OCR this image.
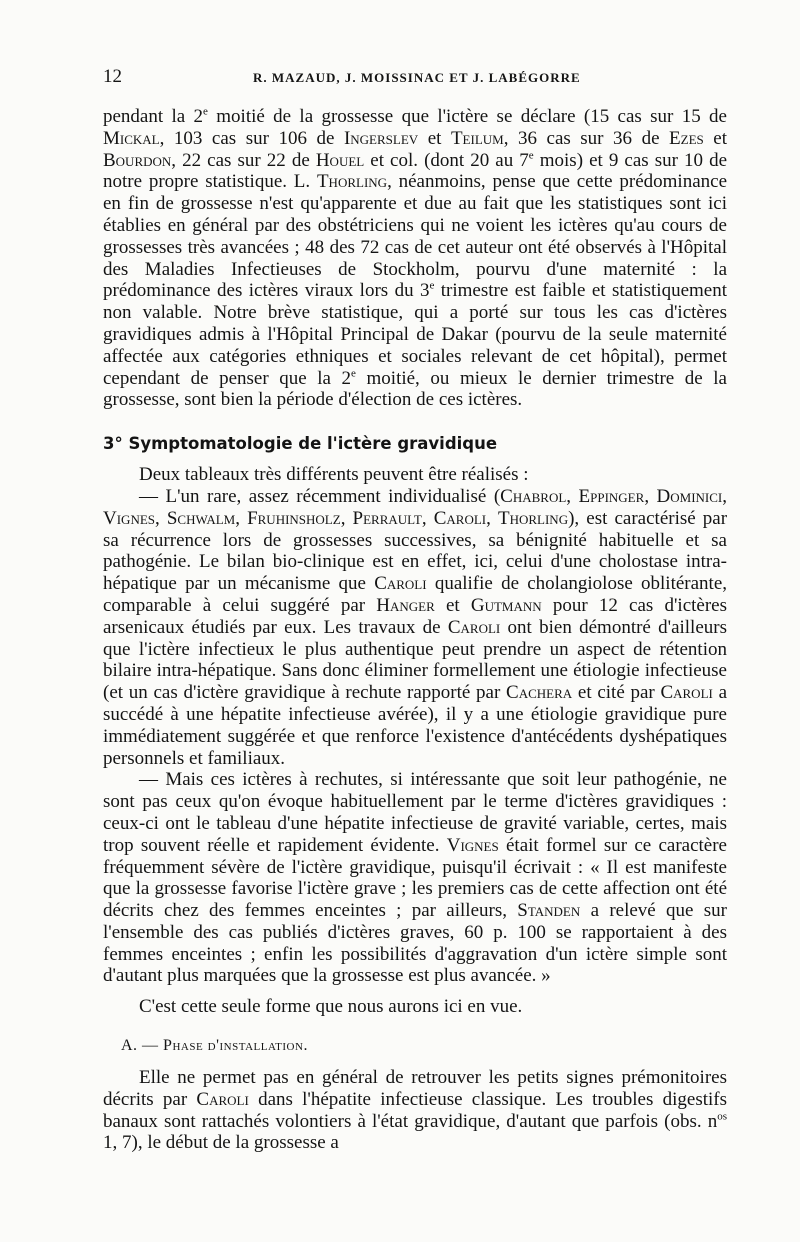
12	R. MAZAUD, J. MOISSINAC ET J. LABÉGORRE

pendant la 2e moitié de la grossesse que l'ictère se déclare (15 cas sur 15 de Mickal, 103 cas sur 106 de Ingerslev et Teilum, 36 cas sur 36 de Ezes et Bourdon, 22 cas sur 22 de Houel et col. (dont 20 au 7e mois) et 9 cas sur 10 de notre propre statistique. L. Thorling, néanmoins, pense que cette prédominance en fin de grossesse n'est qu'apparente et due au fait que les statistiques sont ici établies en général par des obstétriciens qui ne voient les ictères qu'au cours de grossesses très avancées ; 48 des 72 cas de cet auteur ont été observés à l'Hôpital des Maladies Infectieuses de Stockholm, pourvu d'une maternité : la prédominance des ictères viraux lors du 3e trimestre est faible et statistiquement non valable. Notre brève statistique, qui a porté sur tous les cas d'ictères gravidiques admis à l'Hôpital Principal de Dakar (pourvu de la seule maternité affectée aux catégories ethniques et sociales relevant de cet hôpital), permet cependant de penser que la 2e moitié, ou mieux le dernier trimestre de la grossesse, sont bien la période d'élection de ces ictères.

3° Symptomatologie de l'ictère gravidique

Deux tableaux très différents peuvent être réalisés :

— L'un rare, assez récemment individualisé (Chabrol, Eppinger, Dominici, Vignes, Schwalm, Fruhinsholz, Perrault, Caroli, Thorling), est caractérisé par sa récurrence lors de grossesses successives, sa bénignité habituelle et sa pathogénie. Le bilan bio-clinique est en effet, ici, celui d'une cholostase intra-hépatique par un mécanisme que Caroli qualifie de cholangiolose oblitérante, comparable à celui suggéré par Hanger et Gutmann pour 12 cas d'ictères arsenicaux étudiés par eux. Les travaux de Caroli ont bien démontré d'ailleurs que l'ictère infectieux le plus authentique peut prendre un aspect de rétention bilaire intra-hépatique. Sans donc éliminer formellement une étiologie infectieuse (et un cas d'ictère gravidique à rechute rapporté par Cachera et cité par Caroli a succédé à une hépatite infectieuse avérée), il y a une étiologie gravidique pure immédiatement suggérée et que renforce l'existence d'antécédents dyshépatiques personnels et familiaux.

— Mais ces ictères à rechutes, si intéressante que soit leur pathogénie, ne sont pas ceux qu'on évoque habituellement par le terme d'ictères gravidiques : ceux-ci ont le tableau d'une hépatite infectieuse de gravité variable, certes, mais trop souvent réelle et rapidement évidente. Vignes était formel sur ce caractère fréquemment sévère de l'ictère gravidique, puisqu'il écrivait : « Il est manifeste que la grossesse favorise l'ictère grave ; les premiers cas de cette affection ont été décrits chez des femmes enceintes ; par ailleurs, Standen a relevé que sur l'ensemble des cas publiés d'ictères graves, 60 p. 100 se rapportaient à des femmes enceintes ; enfin les possibilités d'aggravation d'un ictère simple sont d'autant plus marquées que la grossesse est plus avancée. »

C'est cette seule forme que nous aurons ici en vue.

A. — Phase d'installation.

Elle ne permet pas en général de retrouver les petits signes prémonitoires décrits par Caroli dans l'hépatite infectieuse classique. Les troubles digestifs banaux sont rattachés volontiers à l'état gravidique, d'autant que parfois (obs. $n^{os}$ 1, 7), le début de la grossesse a
